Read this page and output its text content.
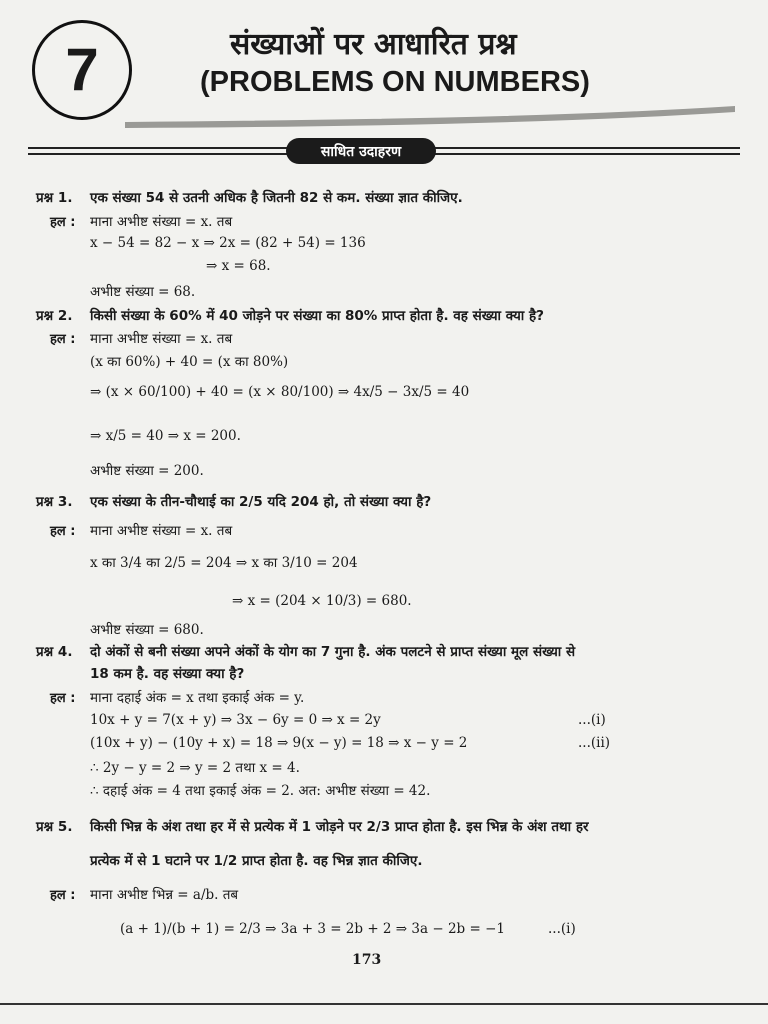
7	संख्याओं पर आधारित प्रश्न
(PROBLEMS ON NUMBERS)
साधित उदाहरण
प्रश्न 1. एक संख्या 54 से उतनी अधिक है जितनी 82 से कम. संख्या ज्ञात कीजिए.
हल : माना अभीष्ट संख्या = x. तब
x − 54 = 82 − x ⇒ 2x = (82 + 54) = 136
⇒ x = 68.
अभीष्ट संख्या = 68.
प्रश्न 2. किसी संख्या के 60% में 40 जोड़ने पर संख्या का 80% प्राप्त होता है. वह संख्या क्या है?
हल : माना अभीष्ट संख्या = x. तब
(x का 60%) + 40 = (x का 80%)
⇒ (x × 60/100) + 40 = (x × 80/100) ⇒ 4x/5 − 3x/5 = 40
⇒ x/5 = 40 ⇒ x = 200.
अभीष्ट संख्या = 200.
प्रश्न 3. एक संख्या के तीन-चौथाई का 2/5 यदि 204 हो, तो संख्या क्या है?
हल : माना अभीष्ट संख्या = x. तब
x का 3/4 का 2/5 = 204 ⇒ x का 3/10 = 204
⇒ x = (204 × 10/3) = 680.
अभीष्ट संख्या = 680.
प्रश्न 4. दो अंकों से बनी संख्या अपने अंकों के योग का 7 गुना है. अंक पलटने से प्राप्त संख्या मूल संख्या से
18 कम है. वह संख्या क्या है?
हल : माना दहाई अंक = x तथा इकाई अंक = y.
10x + y = 7(x + y) ⇒ 3x − 6y = 0 ⇒ x = 2y	...(i)
(10x + y) − (10y + x) = 18 ⇒ 9(x − y) = 18 ⇒ x − y = 2	...(ii)
∴ 2y − y = 2 ⇒ y = 2 तथा x = 4.
∴ दहाई अंक = 4 तथा इकाई अंक = 2. अत: अभीष्ट संख्या = 42.
प्रश्न 5. किसी भिन्न के अंश तथा हर में से प्रत्येक में 1 जोड़ने पर 2/3 प्राप्त होता है. इस भिन्न के अंश तथा हर
प्रत्येक में से 1 घटाने पर 1/2 प्राप्त होता है. वह भिन्न ज्ञात कीजिए.
हल : माना अभीष्ट भिन्न = a/b. तब
(a + 1)/(b + 1) = 2/3 ⇒ 3a + 3 = 2b + 2 ⇒ 3a − 2b = −1	...(i)
173
